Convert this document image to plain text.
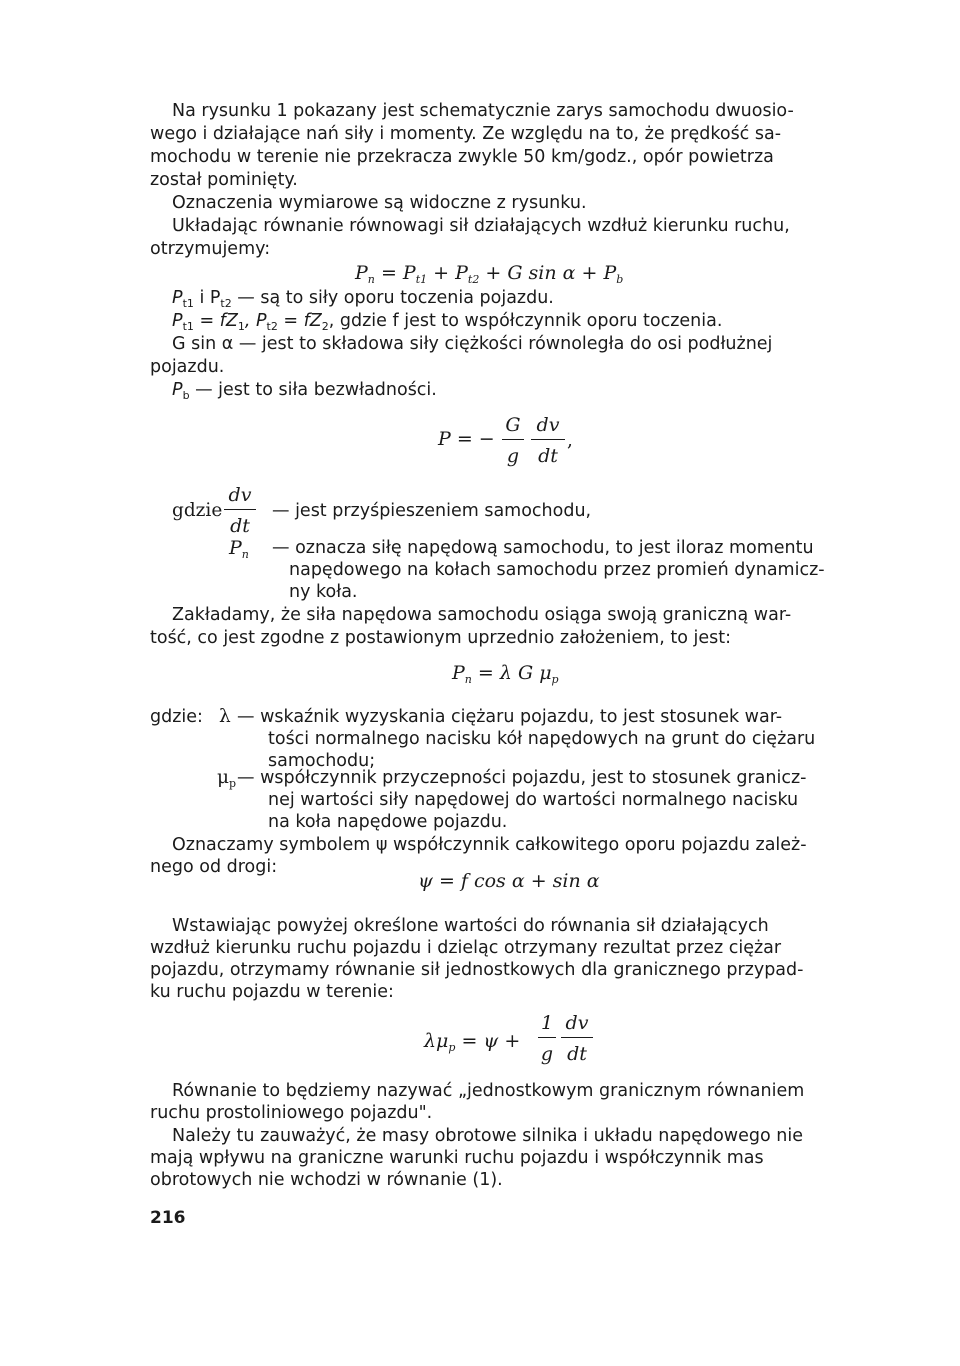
Na rysunku 1 pokazany jest schematycznie zarys samochodu dwuosio-
wego i działające nań siły i momenty. Ze względu na to, że prędkość sa-
mochodu w terenie nie przekracza zwykle 50 km/godz., opór powietrza
został pominięty.
Oznaczenia wymiarowe są widoczne z rysunku.
Układając równanie równowagi sił działających wzdłuż kierunku ruchu,
otrzymujemy:
$P_n = P_{t1} + P_{t2} + G$ $\sin \alpha + P_b$
$P_{t1}$ i $P_{t2}$ — są to siły oporu toczenia pojazdu.
$P_{t1} = fZ_1$, $P_{t2} = fZ_2$, gdzie f jest to współczynnik oporu toczenia.
G sin α — jest to składowa siły ciężkości równoległa do osi podłużnej
pojazdu.
$P_b$ — jest to siła bezwładności.
P = −
G
g
dv
dt
,
gdzie
dv
dt
— jest przyśpieszeniem samochodu,
$P_n$ — oznacza siłę napędową samochodu, to jest iloraz momentu
napędowego na kołach samochodu przez promień dynamicz-
ny koła.
Zakładamy, że siła napędowa samochodu osiąga swoją graniczną war-
tość, co jest zgodne z postawionym uprzednio założeniem, to jest:
$P_n = \lambda$ G $\mu_p$
gdzie: λ — wskaźnik wyzyskania ciężaru pojazdu, to jest stosunek war-
tości normalnego nacisku kół napędowych na grunt do ciężaru
samochodu;
$\mu_p$ — współczynnik przyczepności pojazdu, jest to stosunek granicz-
nej wartości siły napędowej do wartości normalnego nacisku
na koła napędowe pojazdu.
Oznaczamy symbolem ψ współczynnik całkowitego oporu pojazdu zależ-
nego od drogi:
ψ = f cos α + sin α
Wstawiając powyżej określone wartości do równania sił działających
wzdłuż kierunku ruchu pojazdu i dzieląc otrzymany rezultat przez ciężar
pojazdu, otrzymamy równanie sił jednostkowych dla granicznego przypad-
ku ruchu pojazdu w terenie:
$\lambda\mu_p = \psi$ +
1
g
dv
dt
Równanie to będziemy nazywać „jednostkowym granicznym równaniem
ruchu prostoliniowego pojazdu".
Należy tu zauważyć, że masy obrotowe silnika i układu napędowego nie
mają wpływu na graniczne warunki ruchu pojazdu i współczynnik mas
obrotowych nie wchodzi w równanie (1).
216
